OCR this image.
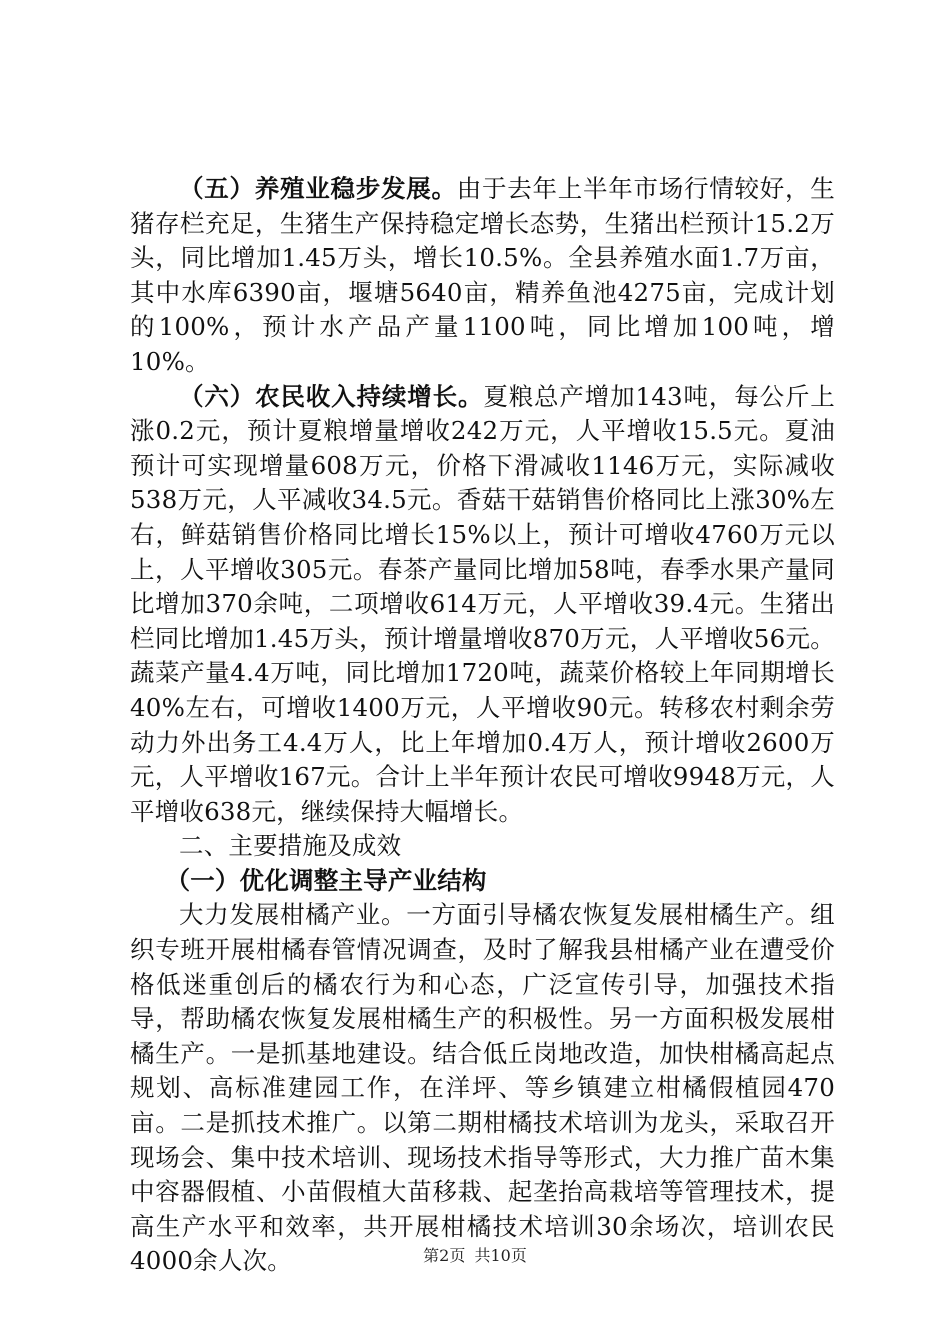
（五）养殖业稳步发展。由于去年上半年市场行情较好，生猪存栏充足，生猪生产保持稳定增长态势，生猪出栏预计15.2万头，同比增加1.45万头，增长10.5%。全县养殖水面1.7万亩，其中水库6390亩，堰塘5640亩，精养鱼池4275亩，完成计划的100%，预计水产品产量1100吨，同比增加100吨，增10%。

（六）农民收入持续增长。夏粮总产增加143吨，每公斤上涨0.2元，预计夏粮增量增收242万元，人平增收15.5元。夏油预计可实现增量608万元，价格下滑减收1146万元，实际减收538万元，人平减收34.5元。香菇干菇销售价格同比上涨30%左右，鲜菇销售价格同比增长15%以上，预计可增收4760万元以上，人平增收305元。春茶产量同比增加58吨，春季水果产量同比增加370余吨，二项增收614万元，人平增收39.4元。生猪出栏同比增加1.45万头，预计增量增收870万元，人平增收56元。蔬菜产量4.4万吨，同比增加1720吨，蔬菜价格较上年同期增长40%左右，可增收1400万元，人平增收90元。转移农村剩余劳动力外出务工4.4万人，比上年增加0.4万人，预计增收2600万元，人平增收167元。合计上半年预计农民可增收9948万元，人平增收638元，继续保持大幅增长。

二、主要措施及成效

（一）优化调整主导产业结构

大力发展柑橘产业。一方面引导橘农恢复发展柑橘生产。组织专班开展柑橘春管情况调查，及时了解我县柑橘产业在遭受价格低迷重创后的橘农行为和心态，广泛宣传引导，加强技术指导，帮助橘农恢复发展柑橘生产的积极性。另一方面积极发展柑橘生产。一是抓基地建设。结合低丘岗地改造，加快柑橘高起点规划、高标准建园工作，在洋坪、等乡镇建立柑橘假植园470亩。二是抓技术推广。以第二期柑橘技术培训为龙头，采取召开现场会、集中技术培训、现场技术指导等形式，大力推广苗木集中容器假植、小苗假植大苗移栽、起垄抬高栽培等管理技术，提高生产水平和效率，共开展柑橘技术培训30余场次，培训农民4000余人次。	第2页 共10页
